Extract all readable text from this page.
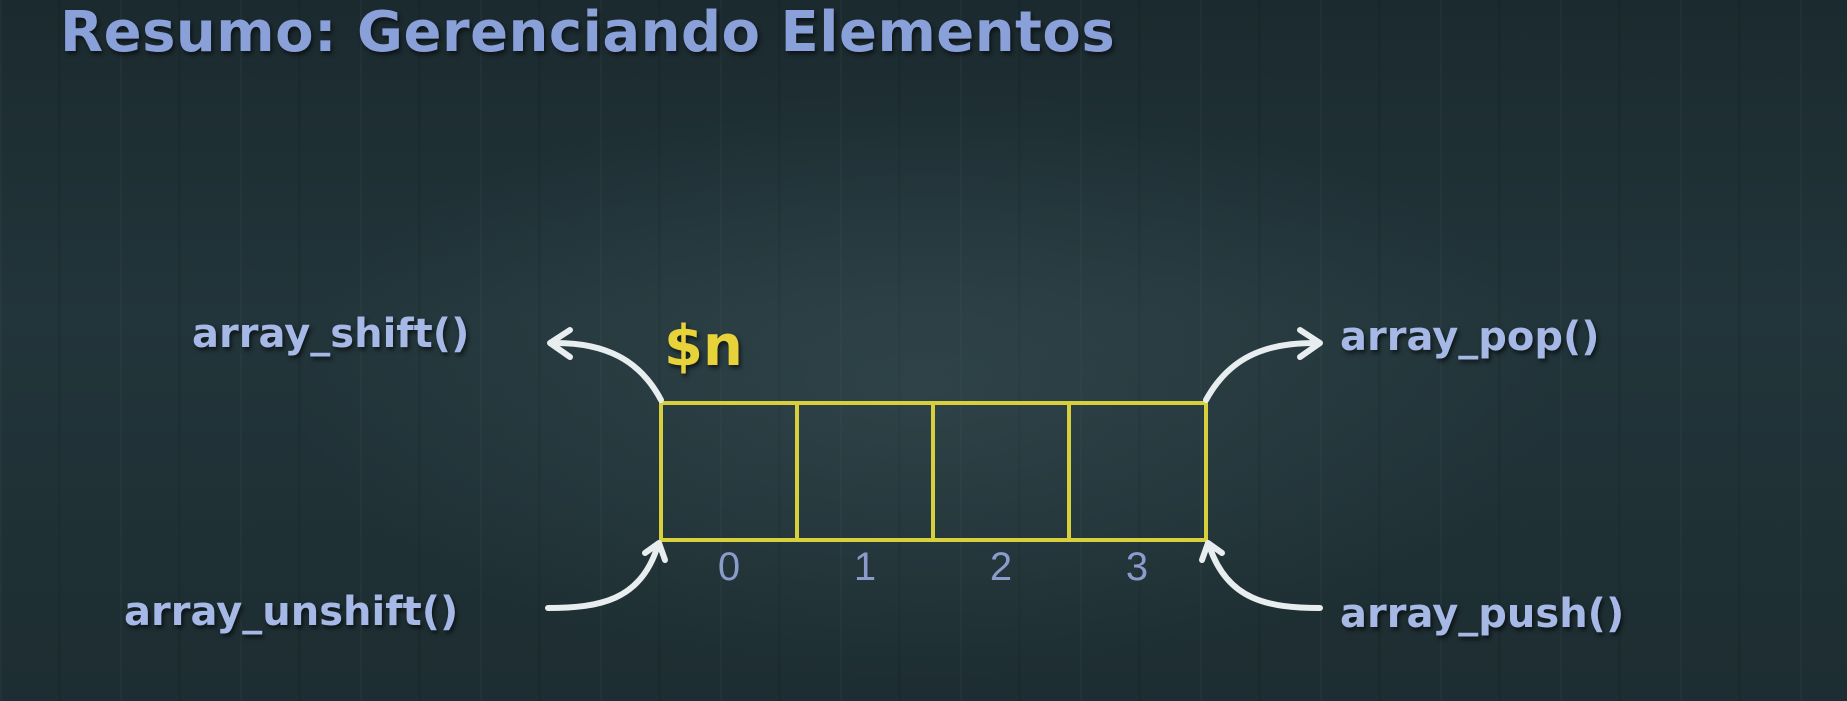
Resumo: Gerenciando Elementos
$n
array_shift()
array_unshift()
array_pop()
array_push()
0	1	2	3
